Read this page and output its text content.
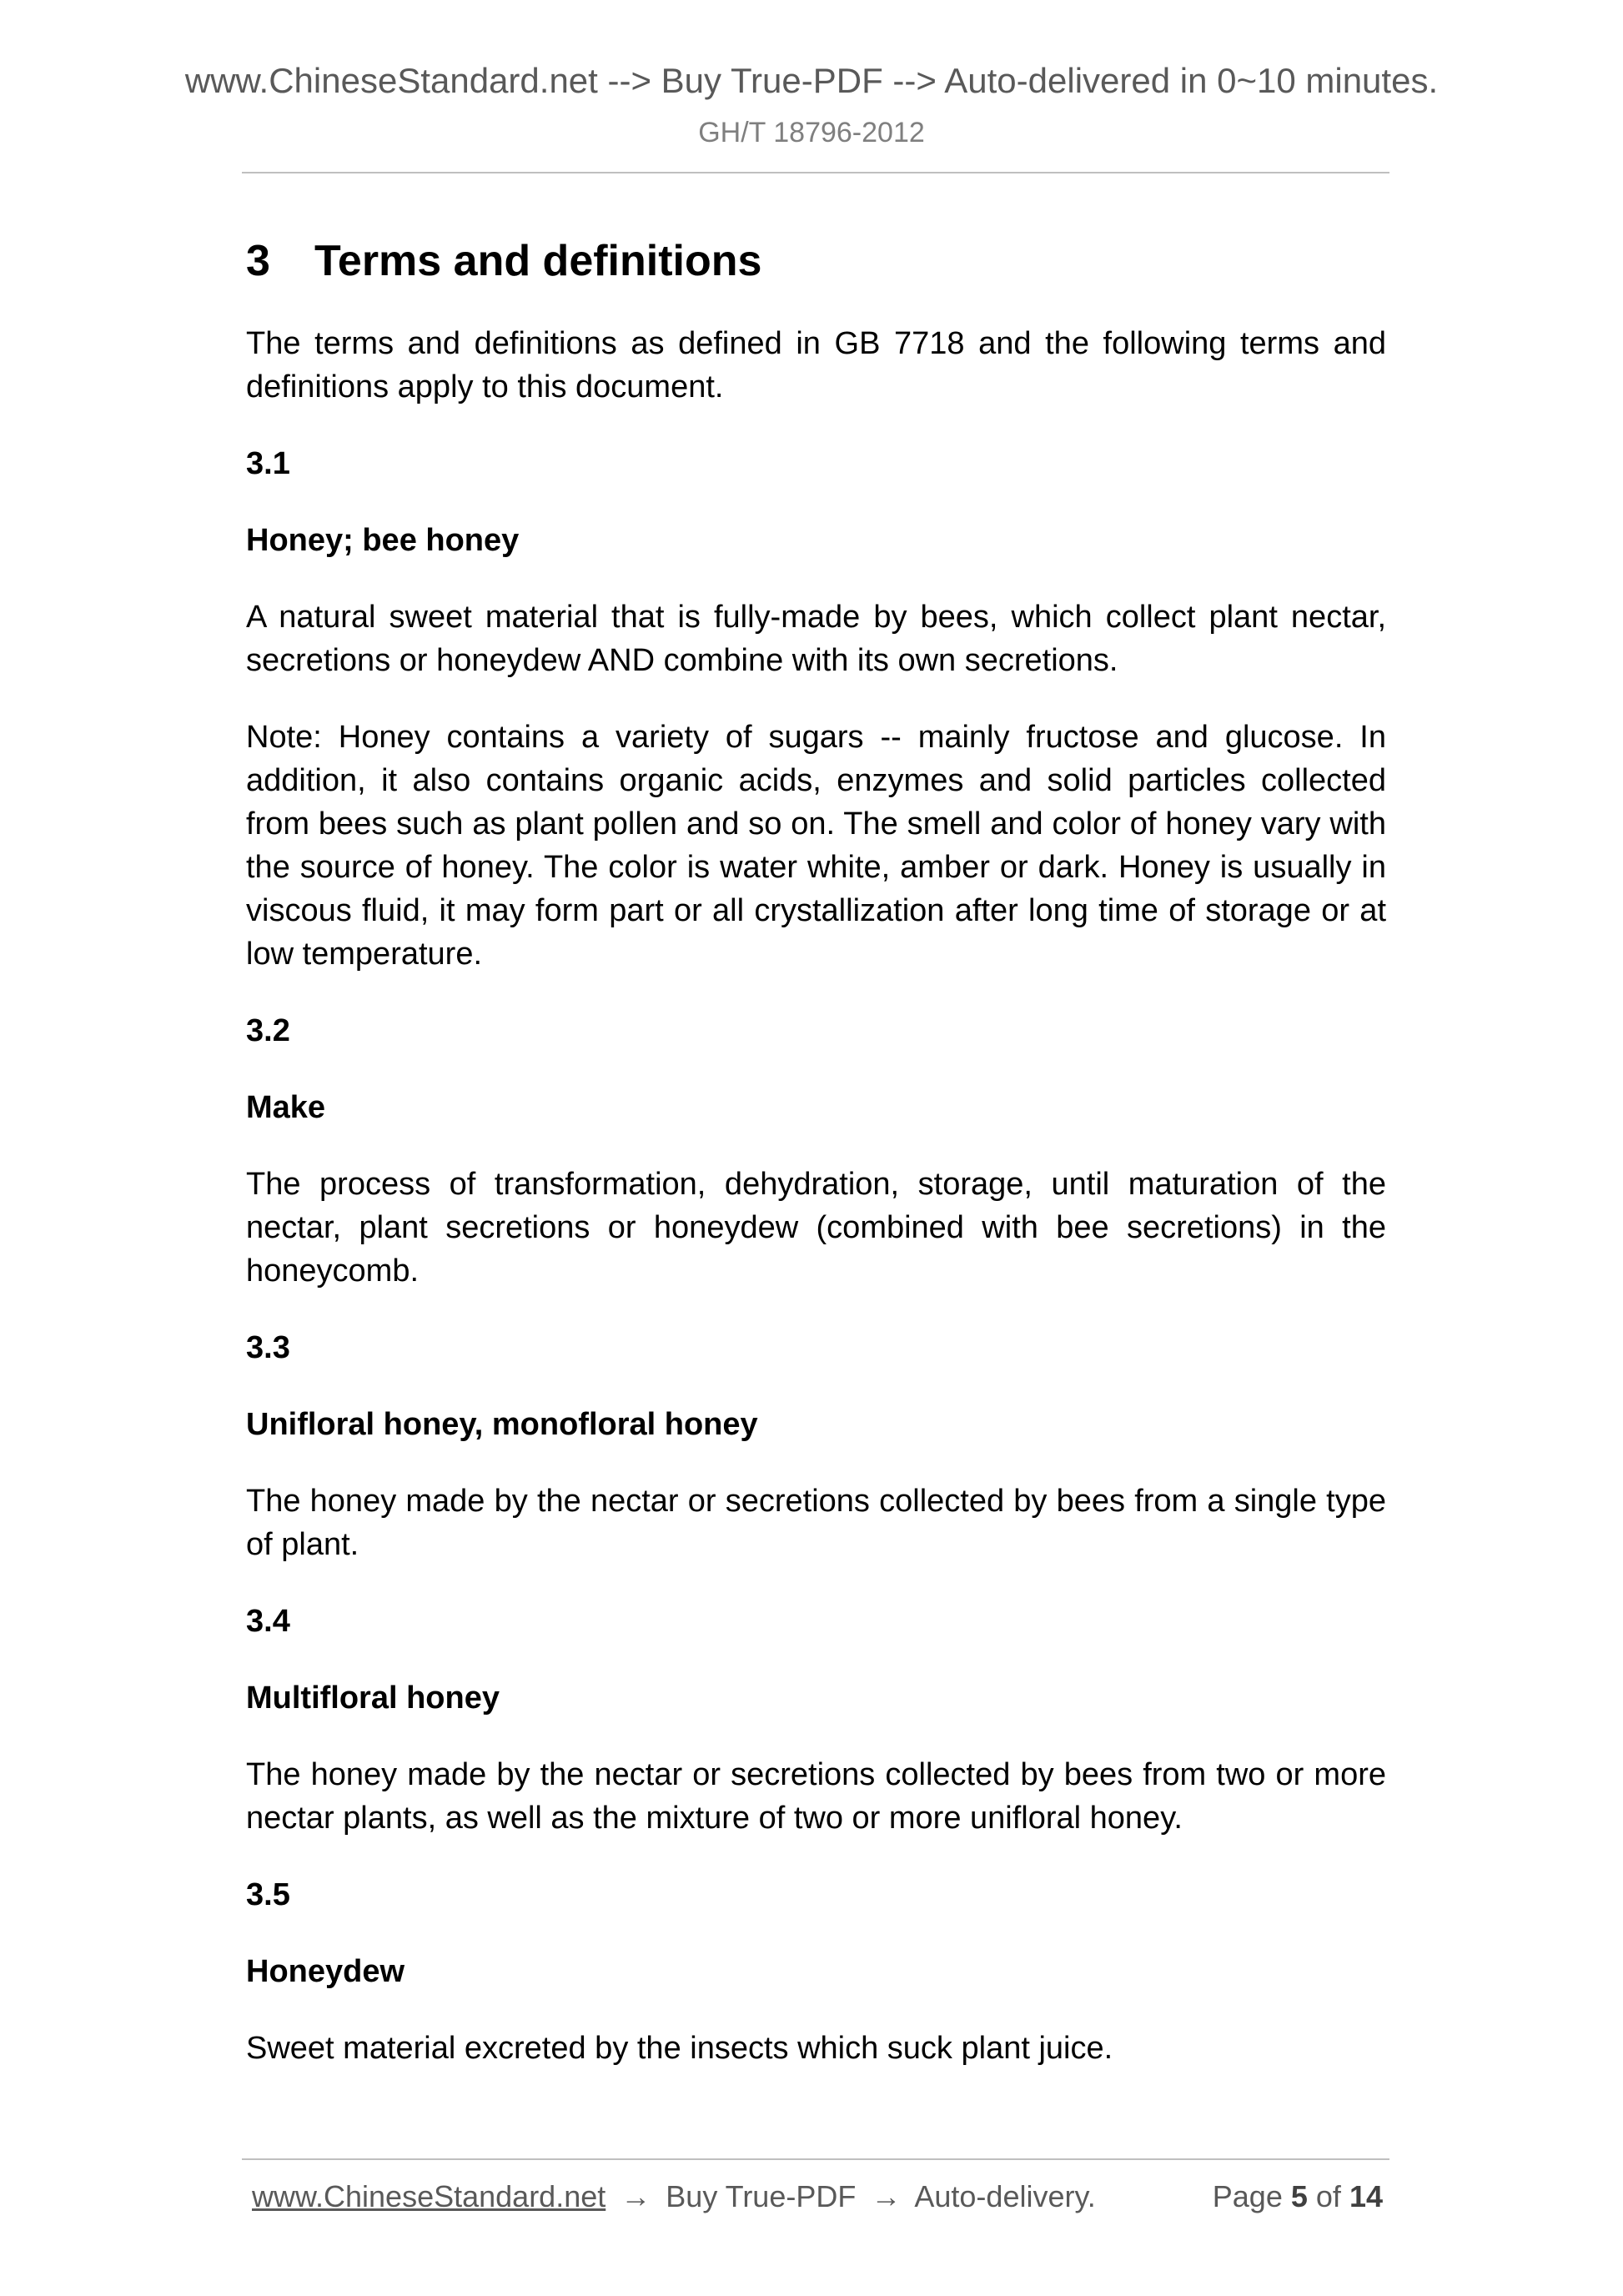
www.ChineseStandard.net --> Buy True-PDF --> Auto-delivered in 0~10 minutes.
GH/T 18796-2012
3 Terms and definitions

The terms and definitions as defined in GB 7718 and the following terms and definitions apply to this document.

3.1
Honey; bee honey

A natural sweet material that is fully-made by bees, which collect plant nectar, secretions or honeydew AND combine with its own secretions.

Note: Honey contains a variety of sugars -- mainly fructose and glucose. In addition, it also contains organic acids, enzymes and solid particles collected from bees such as plant pollen and so on. The smell and color of honey vary with the source of honey. The color is water white, amber or dark. Honey is usually in viscous fluid, it may form part or all crystallization after long time of storage or at low temperature.

3.2
Make

The process of transformation, dehydration, storage, until maturation of the nectar, plant secretions or honeydew (combined with bee secretions) in the honeycomb.

3.3
Unifloral honey, monofloral honey

The honey made by the nectar or secretions collected by bees from a single type of plant.

3.4
Multifloral honey

The honey made by the nectar or secretions collected by bees from two or more nectar plants, as well as the mixture of two or more unifloral honey.

3.5
Honeydew

Sweet material excreted by the insects which suck plant juice.

www.ChineseStandard.net → Buy True-PDF → Auto-delivery.	Page 5 of 14
